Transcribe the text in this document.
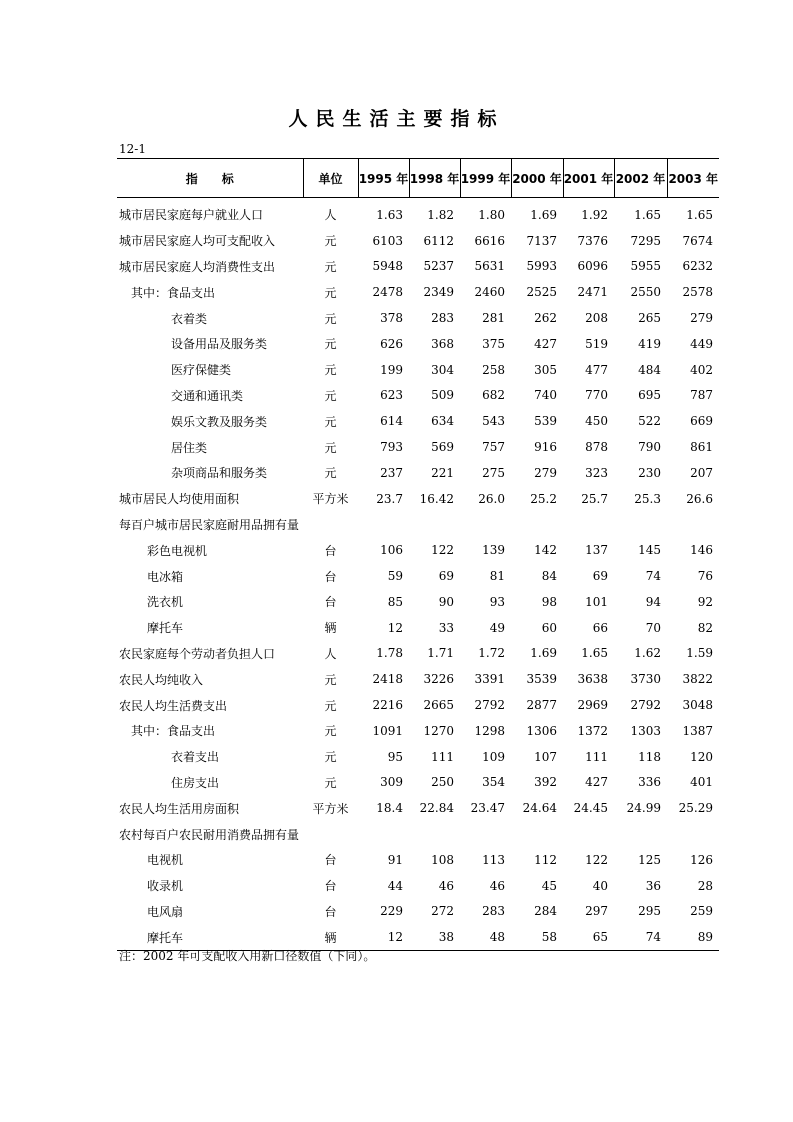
人民生活主要指标
12-1
指　　标	单位	1995 年	1998 年	1999 年	2000 年	2001 年	2002 年	2003 年
城市居民家庭每户就业人口	人	1.63	1.82	1.80	1.69	1.92	1.65	1.65
城市居民家庭人均可支配收入	元	6103	6112	6616	7137	7376	7295	7674
城市居民家庭人均消费性支出	元	5948	5237	5631	5993	6096	5955	6232
其中：食品支出	元	2478	2349	2460	2525	2471	2550	2578
衣着类	元	378	283	281	262	208	265	279
设备用品及服务类	元	626	368	375	427	519	419	449
医疗保健类	元	199	304	258	305	477	484	402
交通和通讯类	元	623	509	682	740	770	695	787
娱乐文教及服务类	元	614	634	543	539	450	522	669
居住类	元	793	569	757	916	878	790	861
杂项商品和服务类	元	237	221	275	279	323	230	207
城市居民人均使用面积	平方米	23.7	16.42	26.0	25.2	25.7	25.3	26.6
每百户城市居民家庭耐用品拥有量								
彩色电视机	台	106	122	139	142	137	145	146
电冰箱	台	59	69	81	84	69	74	76
洗衣机	台	85	90	93	98	101	94	92
摩托车	辆	12	33	49	60	66	70	82
农民家庭每个劳动者负担人口	人	1.78	1.71	1.72	1.69	1.65	1.62	1.59
农民人均纯收入	元	2418	3226	3391	3539	3638	3730	3822
农民人均生活费支出	元	2216	2665	2792	2877	2969	2792	3048
其中：食品支出	元	1091	1270	1298	1306	1372	1303	1387
衣着支出	元	95	111	109	107	111	118	120
住房支出	元	309	250	354	392	427	336	401
农民人均生活用房面积	平方米	18.4	22.84	23.47	24.64	24.45	24.99	25.29
农村每百户农民耐用消费品拥有量								
电视机	台	91	108	113	112	122	125	126
收录机	台	44	46	46	45	40	36	28
电风扇	台	229	272	283	284	297	295	259
摩托车	辆	12	38	48	58	65	74	89
注：2002 年可支配收入用新口径数值（下同）。
